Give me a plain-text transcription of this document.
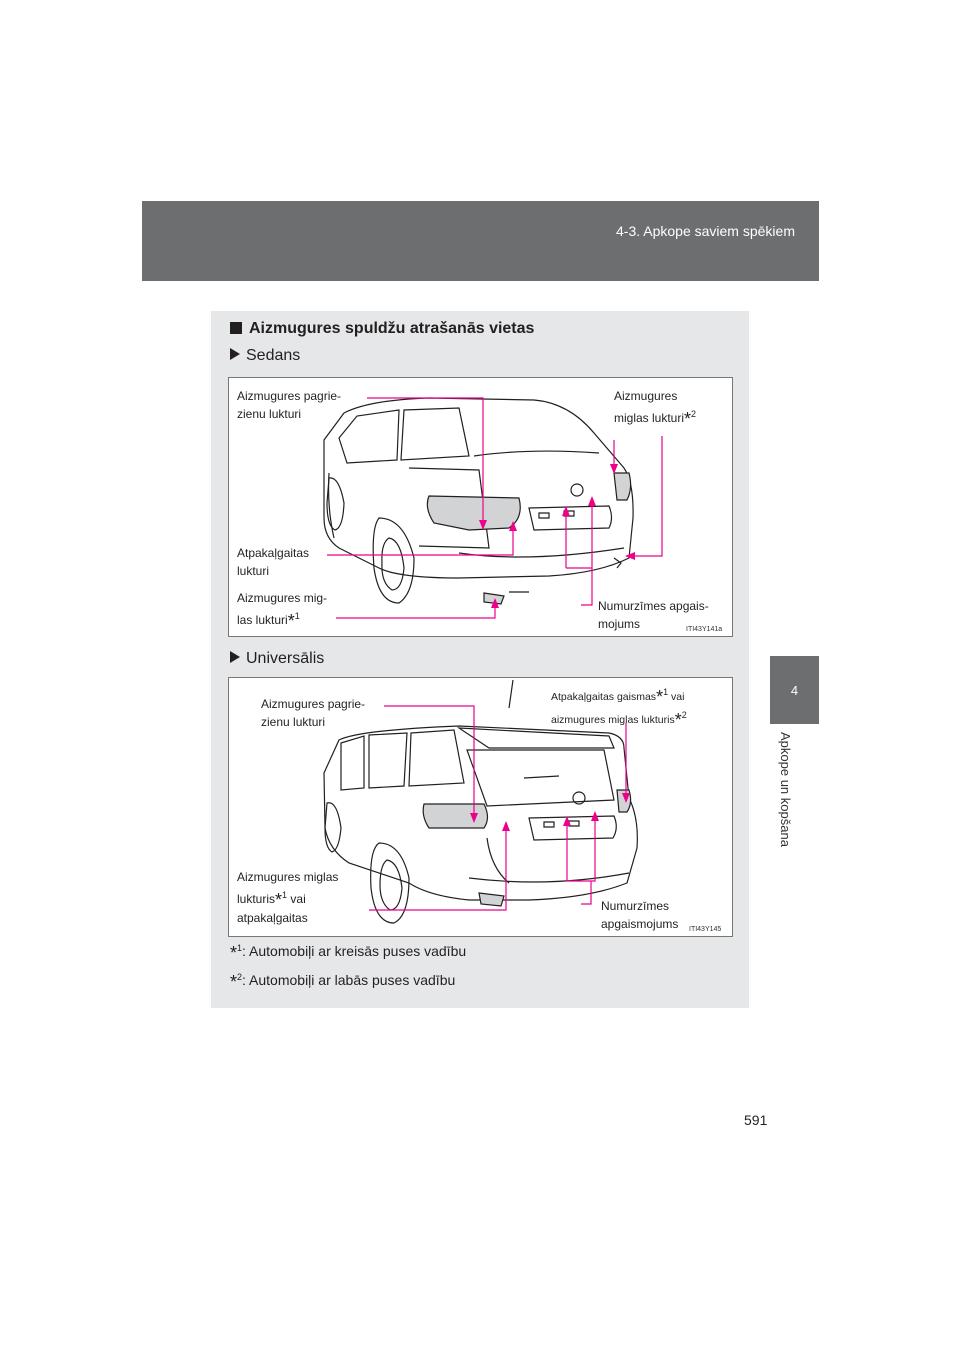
4-3. Apkope saviem spēkiem
4
Apkope un kopšana
Aizmugures spuldžu atrašanās vietas
Sedans
Aizmugures pagrie-
zienu lukturi
Aizmugures
miglas lukturi*$^2$
Atpakaļgaitas
lukturi
Aizmugures mig-
las lukturi*$^1$
Numurzīmes apgais-
mojums	ITI43Y141a
Universālis
Aizmugures pagrie-
zienu lukturi
Atpakaļgaitas gaismas*1 vai
aizmugures miglas lukturis*2
Aizmugures miglas
lukturis*$^1$ vai
atpakaļgaitas
Numurzīmes
apgaismojums ITI43Y145
*$^1$: Automobiļi ar kreisās puses vadību
*$^2$: Automobiļi ar labās puses vadību
591
